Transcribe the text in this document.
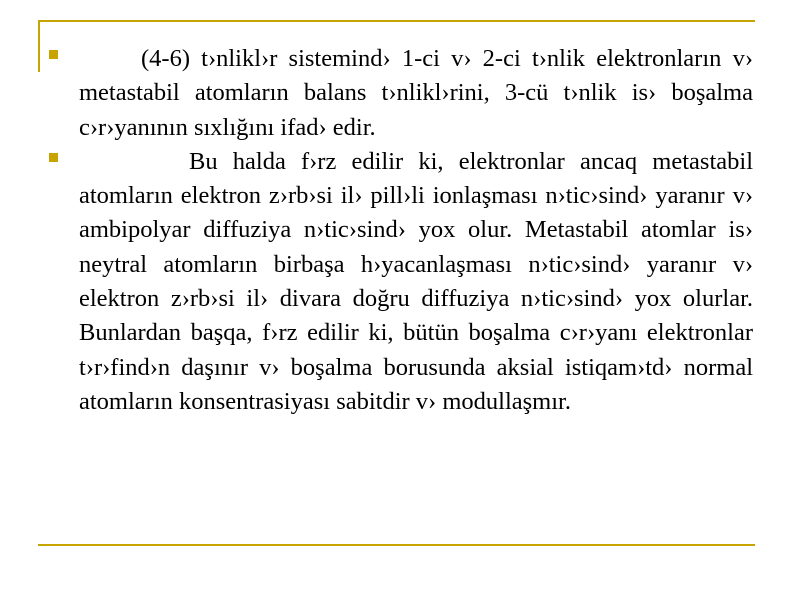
(4-6) t›nlikl›r sistemind› 1-ci v› 2-ci t›nlik elektronların v› metastabil atomların balans t›nlikl›rini, 3-cü t›nlik is› boşalma c›r›yanının sıxlığını ifad› edir.

Bu halda f›rz edilir ki, elektronlar ancaq metastabil atomların elektron z›rb›si il› pill›li ionlaşması n›tic›sind› yaranır v› ambipolyar diffuziya n›tic›sind› yox olur. Metastabil atomlar is› neytral atomların birbaşa h›yacanlaşması n›tic›sind› yaranır v› elektron z›rb›si il› divara doğru diffuziya n›tic›sind› yox olurlar. Bunlardan başqa, f›rz edilir ki, bütün boşalma c›r›yanı elektronlar t›r›find›n daşınır v› boşalma borusunda aksial istiqam›td› normal atomların konsentrasiyası sabitdir v› modullaşmır.
